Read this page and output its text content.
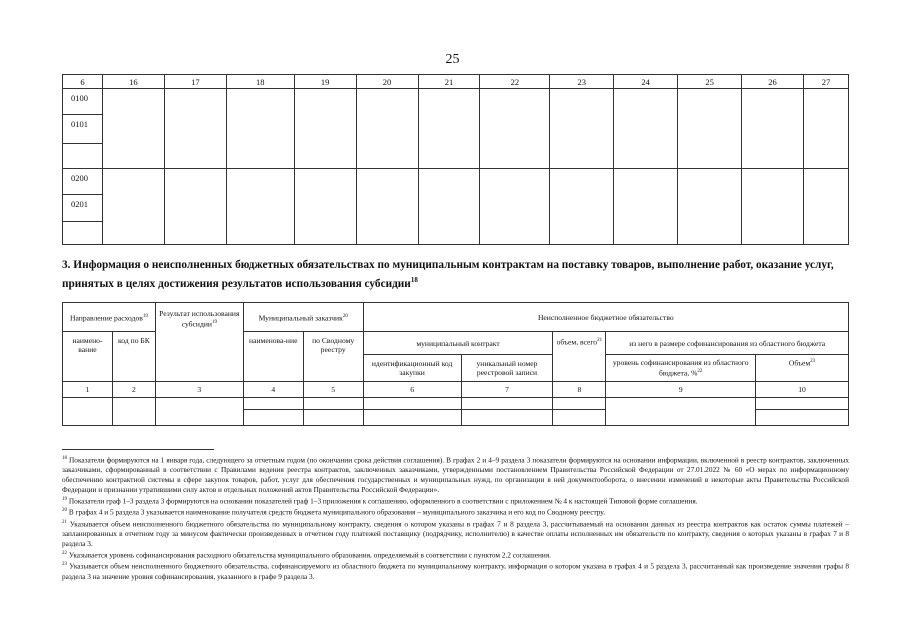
25
6	16	17	18	19	20	21	22	23	24	25	26	27
0100												
0101												

0200												
0201												

3. Информация о неисполненных бюджетных обязательствах по муниципальным контрактам на поставку товаров, выполнение работ, оказание услуг, принятых в целях достижения результатов использования субсидии$^{18}$
Направление расходов$^{19}$		Результат использования субсидии$^{19}$	Муниципальный заказчик$^{20}$		Неисполненное бюджетное обязательство				
наимено-вание	код по БК		наименова-ние	по Сводному реестру	муниципальный контракт		объем, всего$^{21}$	из него в размере софинансирования из областного бюджета	
					идентификационный код закупки	уникальный номер реестровой записи		уровень софинансирования из областного бюджета, %$^{22}$	Объем$^{23}$
1	2	3	4	5	6	7	8	9	10

$^{18}$ Показатели формируются на 1 января года, следующего за отчетным годом (по окончании срока действия соглашения). В графах 2 и 4–9 раздела 3 показатели формируются на основании информации, включенной в реестр контрактов, заключенных заказчиками, сформированный в соответствии с Правилами ведения реестра контрактов, заключенных заказчиками, утвержденными постановлением Правительства Российской Федерации от 27.01.2022 № 60 «О мерах по информационному обеспечению контрактной системы в сфере закупок товаров, работ, услуг для обеспечения государственных и муниципальных нужд, по организации в ней документооборота, о внесении изменений в некоторые акты Правительства Российской Федерации и признании утратившими силу актов и отдельных положений актов Правительства Российской Федерации».

$^{19}$ Показатели граф 1–3 раздела 3 формируются на основании показателей граф 1–3 приложения к соглашению, оформленного в соответствии с приложением № 4 к настоящей Типовой форме соглашения.

$^{20}$ В графах 4 и 5 раздела 3 указывается наименование получателя средств бюджета муниципального образования – муниципального заказчика и его код по Сводному реестру.

$^{21}$ Указывается объем неисполненного бюджетного обязательства по муниципальному контракту, сведения о котором указаны в графах 7 и 8 раздела 3, рассчитываемый на основании данных из реестра контрактов как остаток суммы платежей – запланированных в отчетном году за минусом фактически произведенных в отчетном году платежей поставщику (подрядчику, исполнителю) в качестве оплаты исполненных им обязательств по контракту, сведения о которых указаны в графах 7 и 8 раздела 3.

$^{22}$ Указывается уровень софинансирования расходного обязательства муниципального образования, определяемый в соответствии с пунктом 2.2 соглашения.

$^{23}$ Указывается объем неисполненного бюджетного обязательства, софинансируемого из областного бюджета по муниципальному контракту, информация о котором указана в графах 4 и 5 раздела 3, рассчитанный как произведение значения графы 8 раздела 3 на значение уровня софинансирования, указанного в графе 9 раздела 3.
